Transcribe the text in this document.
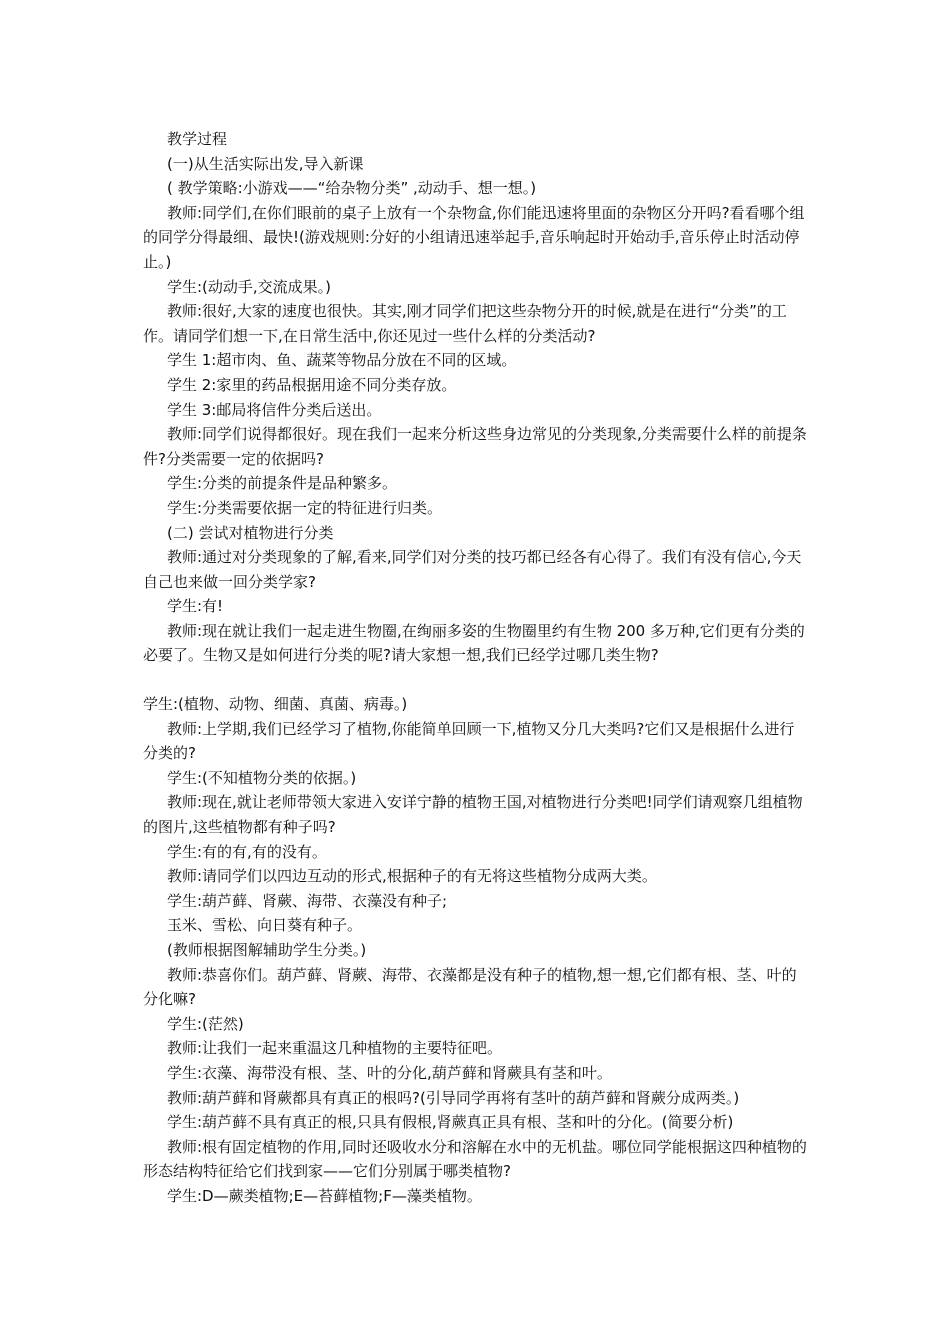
教学过程

(一)从生活实际出发,导入新课

( 教学策略:小游戏——“给杂物分类” ,动动手、想一想。)

教师:同学们,在你们眼前的桌子上放有一个杂物盒,你们能迅速将里面的杂物区分开吗?看看哪个组的同学分得最细、最快!(游戏规则:分好的小组请迅速举起手,音乐响起时开始动手,音乐停止时活动停止。)

学生:(动动手,交流成果。)

教师:很好,大家的速度也很快。其实,刚才同学们把这些杂物分开的时候,就是在进行“分类”的工作。请同学们想一下,在日常生活中,你还见过一些什么样的分类活动?

学生 1:超市肉、鱼、蔬菜等物品分放在不同的区域。

学生 2:家里的药品根据用途不同分类存放。

学生 3:邮局将信件分类后送出。

教师:同学们说得都很好。现在我们一起来分析这些身边常见的分类现象,分类需要什么样的前提条件?分类需要一定的依据吗?

学生:分类的前提条件是品种繁多。

学生:分类需要依据一定的特征进行归类。

(二) 尝试对植物进行分类

教师:通过对分类现象的了解,看来,同学们对分类的技巧都已经各有心得了。我们有没有信心,今天自己也来做一回分类学家?

学生:有!

教师:现在就让我们一起走进生物圈,在绚丽多姿的生物圈里约有生物 200 多万种,它们更有分类的必要了。生物又是如何进行分类的呢?请大家想一想,我们已经学过哪几类生物?

学生:(植物、动物、细菌、真菌、病毒。)

教师:上学期,我们已经学习了植物,你能简单回顾一下,植物又分几大类吗?它们又是根据什么进行分类的?

学生:(不知植物分类的依据。)

教师:现在,就让老师带领大家进入安详宁静的植物王国,对植物进行分类吧!同学们请观察几组植物的图片,这些植物都有种子吗?

学生:有的有,有的没有。

教师:请同学们以四边互动的形式,根据种子的有无将这些植物分成两大类。

学生:葫芦藓、肾蕨、海带、衣藻没有种子;

玉米、雪松、向日葵有种子。

(教师根据图解辅助学生分类。)

教师:恭喜你们。葫芦藓、肾蕨、海带、衣藻都是没有种子的植物,想一想,它们都有根、茎、叶的分化嘛?

学生:(茫然)

教师:让我们一起来重温这几种植物的主要特征吧。

学生:衣藻、海带没有根、茎、叶的分化,葫芦藓和肾蕨具有茎和叶。

教师:葫芦藓和肾蕨都具有真正的根吗?(引导同学再将有茎叶的葫芦藓和肾蕨分成两类。)

学生:葫芦藓不具有真正的根,只具有假根,肾蕨真正具有根、茎和叶的分化。(简要分析)

教师:根有固定植物的作用,同时还吸收水分和溶解在水中的无机盐。哪位同学能根据这四种植物的形态结构特征给它们找到家——它们分别属于哪类植物?

学生:D—蕨类植物;E—苔藓植物;F—藻类植物。
